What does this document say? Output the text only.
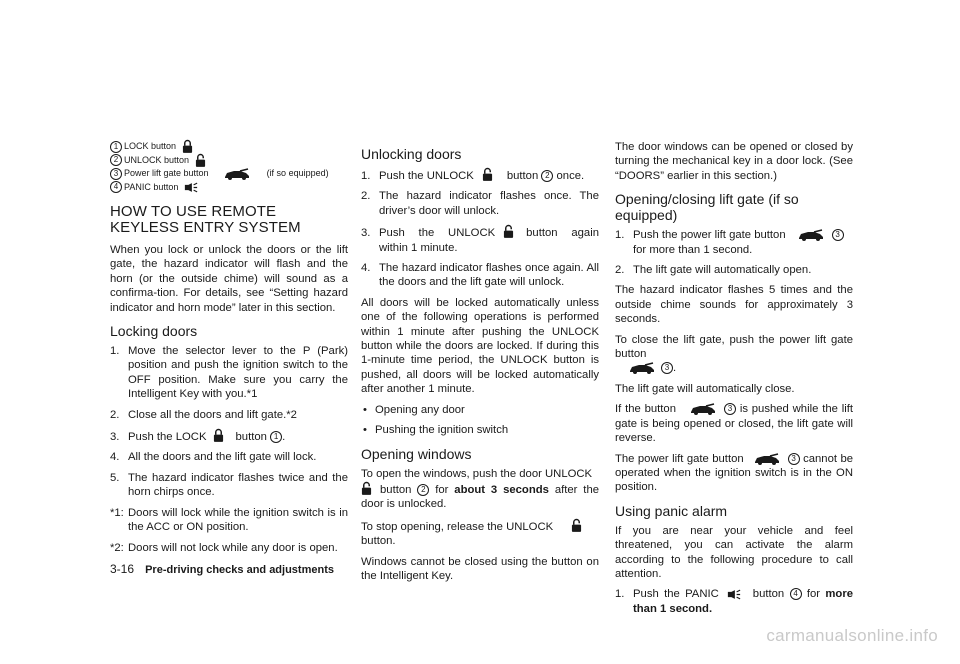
1 LOCK button
2 UNLOCK button
3 Power lift gate button	(if so equipped)
4 PANIC button
HOW TO USE REMOTE KEYLESS ENTRY SYSTEM

When you lock or unlock the doors or the lift gate, the hazard indicator will flash and the horn (or the outside chime) will sound as a confirma-tion. For details, see “Setting hazard indicator and horn mode” later in this section.

Locking doors
1. Move the selector lever to the P (Park) position and push the ignition switch to the OFF position. Make sure you carry the Intelligent Key with you.*1
2. Close all the doors and lift gate.*2
3. Push the LOCK	button 1 .
4. All the doors and the lift gate will lock.
5. The hazard indicator flashes twice and the horn chirps once.
*1: Doors will lock while the ignition switch is in the ACC or ON position.
*2: Doors will not lock while any door is open.
Unlocking doors
1. Push the UNLOCK	button 2 once.
2. The hazard indicator flashes once. The driver’s door will unlock.
3. Push the UNLOCK	button again within 1 minute.
4. The hazard indicator flashes once again. All the doors and the lift gate will unlock.

All doors will be locked automatically unless one of the following operations is performed within 1 minute after pushing the UNLOCK button while the doors are locked. If during this 1-minute time period, the UNLOCK button is pushed, all doors will be locked automatically after another 1 minute.

• Opening any door
• Pushing the ignition switch
Opening windows

To open the windows, push the door UNLOCK
button 2 for about 3 seconds after the door is unlocked.

To stop opening, release the UNLOCK
button.

Windows cannot be closed using the button on the Intelligent Key.

The door windows can be opened or closed by turning the mechanical key in a door lock. (See “DOORS” earlier in this section.)

Opening/closing lift gate (if so equipped)
1. Push the power lift gate button	3
for more than 1 second.
2. The lift gate will automatically open.

The hazard indicator flashes 5 times and the outside chime sounds for approximately 3 seconds.

To close the lift gate, push the power lift gate button
3 .

The lift gate will automatically close.

If the button	3 is pushed while the lift gate is being opened or closed, the lift gate will reverse.

The power lift gate button	3 cannot be operated when the ignition switch is in the ON position.

Using panic alarm

If you are near your vehicle and feel threatened, you can activate the alarm according to the following procedure to call attention.

1. Push the PANIC	button 4 for more than 1 second.
3-16 Pre-driving checks and adjustments
carmanualsonline.info
